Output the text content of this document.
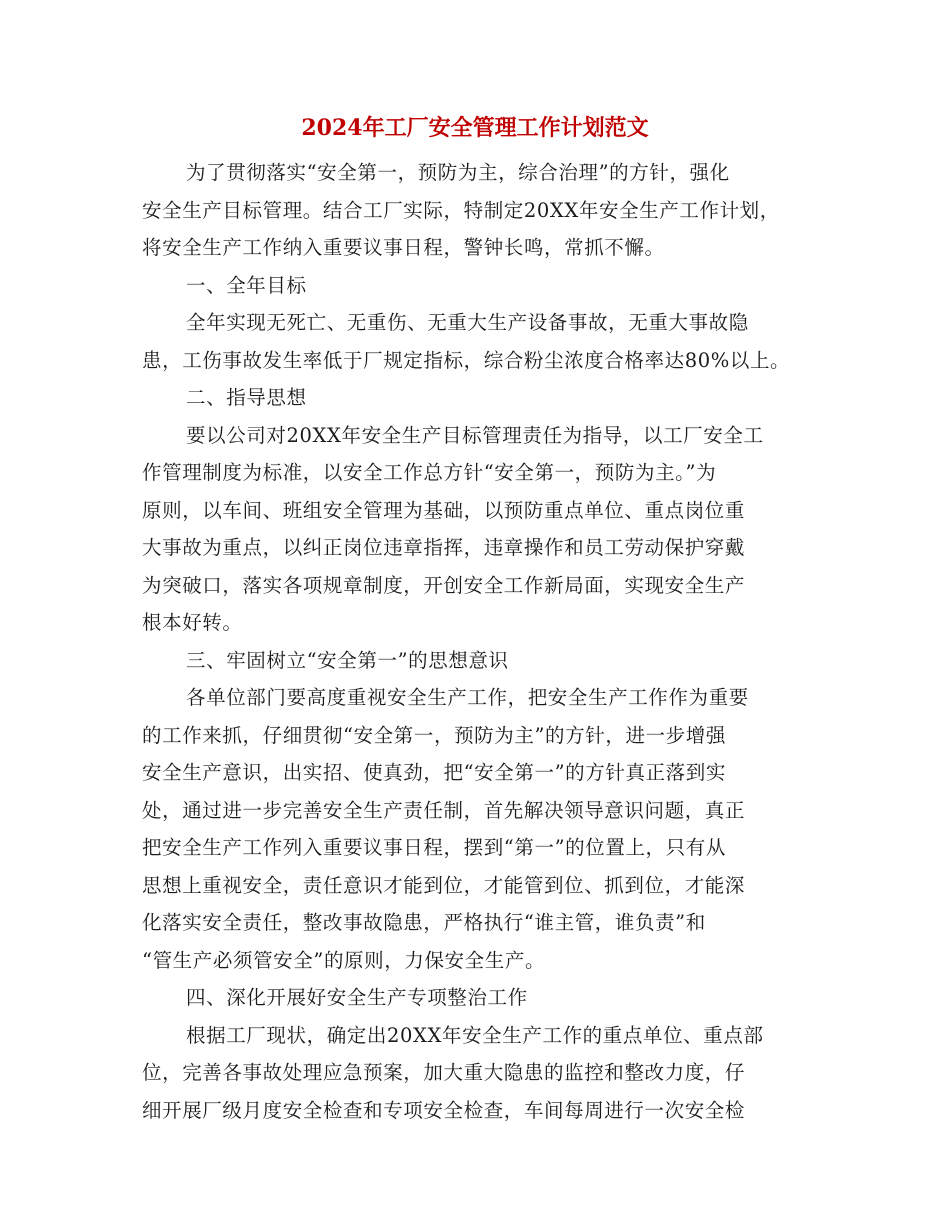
2024年工厂安全管理工作计划范文
为了贯彻落实“安全第一，预防为主，综合治理”的方针，强化
安全生产目标管理。结合工厂实际，特制定20XX年安全生产工作计划，
将安全生产工作纳入重要议事日程，警钟长鸣，常抓不懈。
一、全年目标
全年实现无死亡、无重伤、无重大生产设备事故，无重大事故隐
患，工伤事故发生率低于厂规定指标，综合粉尘浓度合格率达80%以上。
二、指导思想
要以公司对20XX年安全生产目标管理责任为指导，以工厂安全工
作管理制度为标准，以安全工作总方针“安全第一，预防为主。”为
原则，以车间、班组安全管理为基础，以预防重点单位、重点岗位重
大事故为重点，以纠正岗位违章指挥，违章操作和员工劳动保护穿戴
为突破口，落实各项规章制度，开创安全工作新局面，实现安全生产
根本好转。
三、牢固树立“安全第一”的思想意识
各单位部门要高度重视安全生产工作，把安全生产工作作为重要
的工作来抓，仔细贯彻“安全第一，预防为主”的方针，进一步增强
安全生产意识，出实招、使真劲，把“安全第一”的方针真正落到实
处，通过进一步完善安全生产责任制，首先解决领导意识问题，真正
把安全生产工作列入重要议事日程，摆到“第一”的位置上，只有从
思想上重视安全，责任意识才能到位，才能管到位、抓到位，才能深
化落实安全责任，整改事故隐患，严格执行“谁主管，谁负责”和
“管生产必须管安全”的原则，力保安全生产。
四、深化开展好安全生产专项整治工作
根据工厂现状，确定出20XX年安全生产工作的重点单位、重点部
位，完善各事故处理应急预案，加大重大隐患的监控和整改力度，仔
细开展厂级月度安全检查和专项安全检查，车间每周进行一次安全检
